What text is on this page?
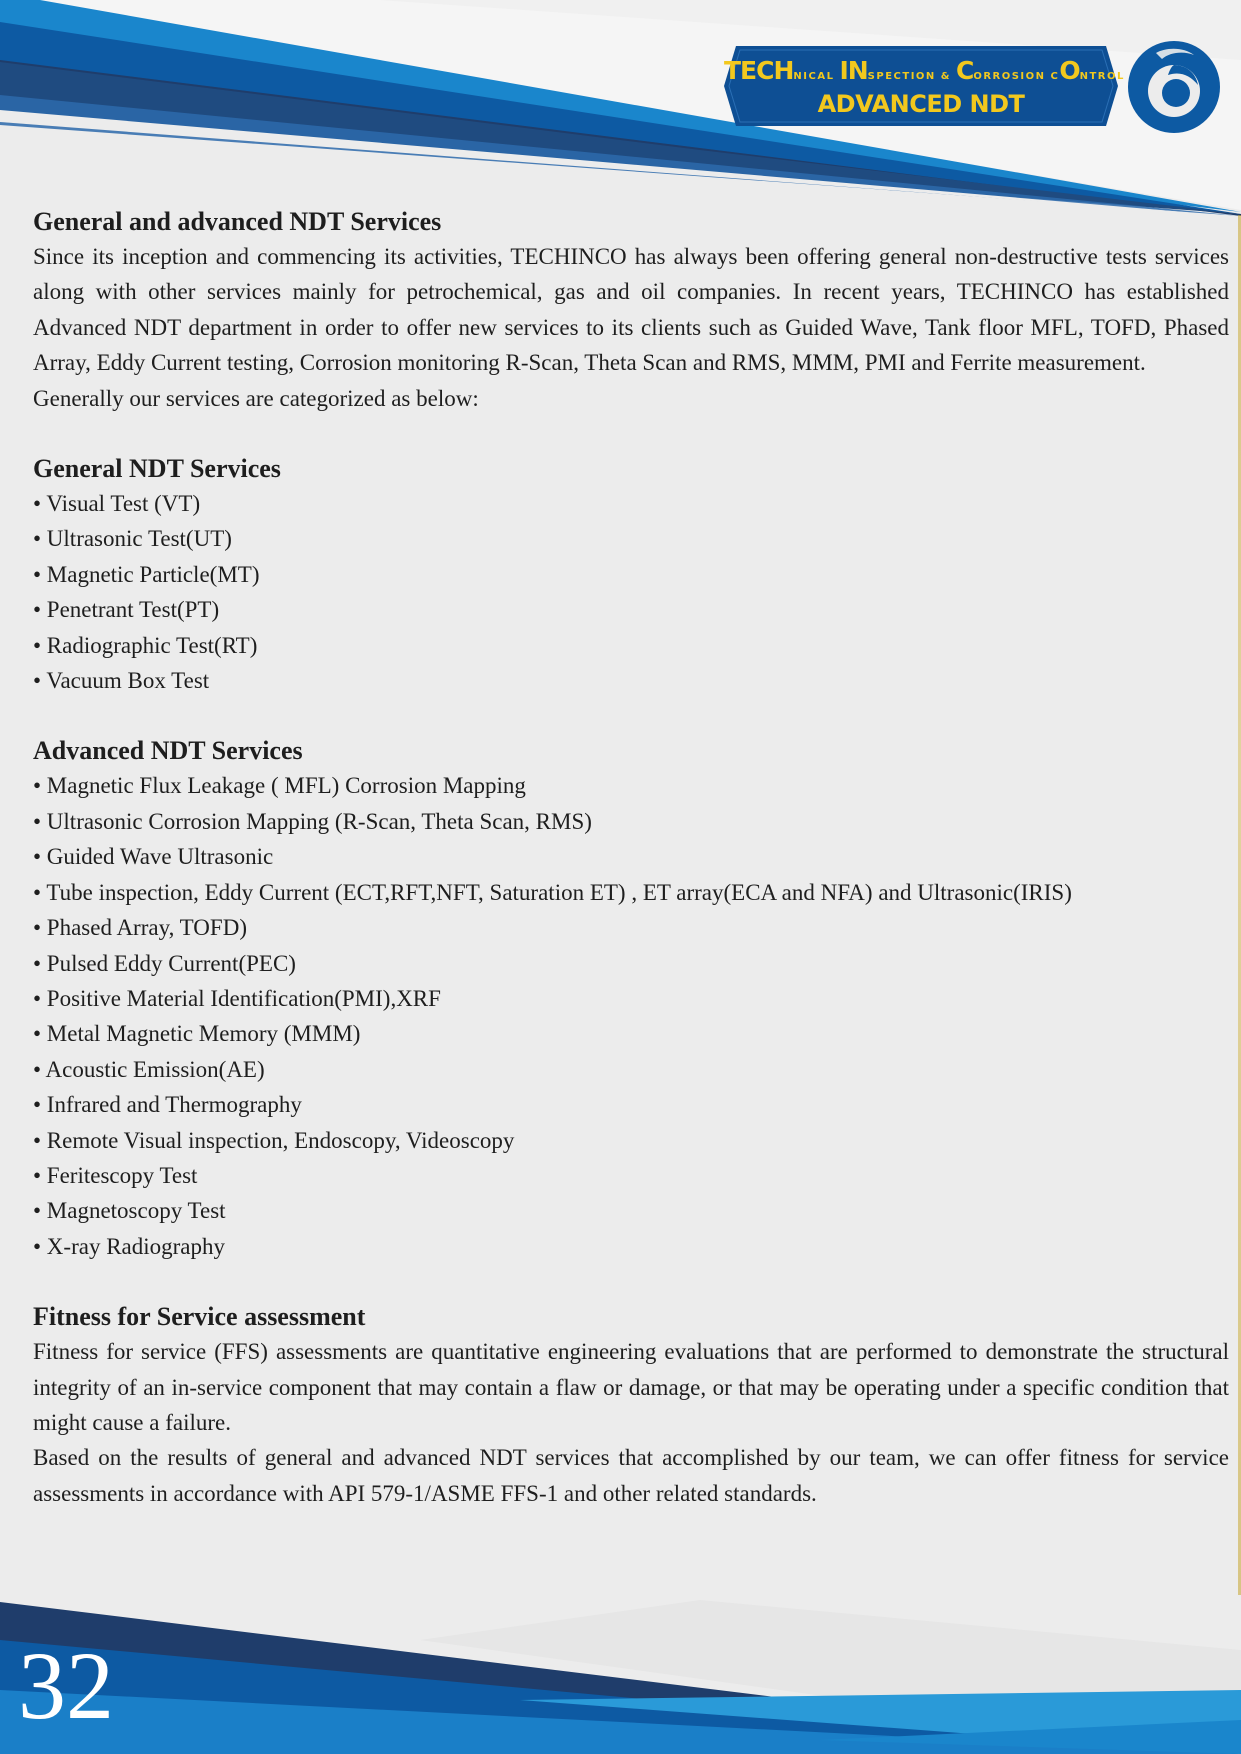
TECHNICAL INSPECTION & CORROSION CONTROL
ADVANCED NDT
General and advanced NDT Services

Since its inception and commencing its activities, TECHINCO has always been offering general non-destructive tests services along with other services mainly for petrochemical, gas and oil companies. In recent years, TECHINCO has established Advanced NDT department in order to offer new services to its clients such as Guided Wave, Tank floor MFL, TOFD, Phased Array, Eddy Current testing, Corrosion monitoring R-Scan, Theta Scan and RMS, MMM, PMI and Ferrite measurement.

Generally our services are categorized as below:

General NDT Services
• Visual Test (VT)
• Ultrasonic Test(UT)
• Magnetic Particle(MT)
• Penetrant Test(PT)
• Radiographic Test(RT)
• Vacuum Box Test
Advanced NDT Services
• Magnetic Flux Leakage ( MFL) Corrosion Mapping
• Ultrasonic Corrosion Mapping (R-Scan, Theta Scan, RMS)
• Guided Wave Ultrasonic
• Tube inspection, Eddy Current (ECT,RFT,NFT, Saturation ET) , ET array(ECA and NFA) and Ultrasonic(IRIS)
• Phased Array, TOFD)
• Pulsed Eddy Current(PEC)
• Positive Material Identification(PMI),XRF
• Metal Magnetic Memory (MMM)
• Acoustic Emission(AE)
• Infrared and Thermography
• Remote Visual inspection, Endoscopy, Videoscopy
• Feritescopy Test
• Magnetoscopy Test
• X-ray Radiography
Fitness for Service assessment

Fitness for service (FFS) assessments are quantitative engineering evaluations that are performed to demonstrate the structural integrity of an in-service component that may contain a flaw or damage, or that may be operating under a specific condition that might cause a failure.

Based on the results of general and advanced NDT services that accomplished by our team, we can offer fitness for service assessments in accordance with API 579-1/ASME FFS-1 and other related standards.

32
